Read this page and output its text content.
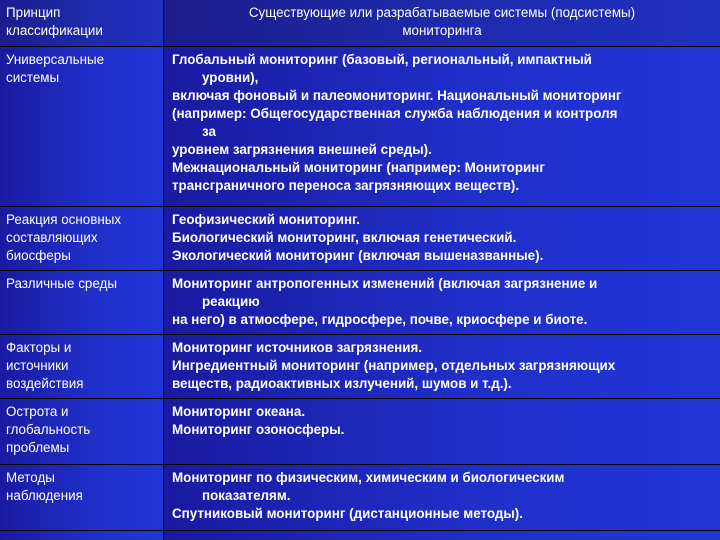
Принцип

классификации

Существующие или разрабатываемые системы (подсистемы)

мониторинга

Универсальные

системы

Глобальный мониторинг (базовый, региональный, импактный

уровни),

включая фоновый и палеомониторинг. Национальный мониторинг

(например: Общегосударственная служба наблюдения и контроля

за

уровнем загрязнения внешней среды).

Межнациональный мониторинг (например: Мониторинг

трансграничного переноса загрязняющих веществ).

Реакция основных

составляющих

биосферы

Геофизический мониторинг.

Биологический мониторинг, включая генетический.

Экологический мониторинг (включая вышеназванные).

Различные среды	Мониторинг антропогенных изменений (включая загрязнение и

реакцию

на него) в атмосфере, гидросфере, почве, криосфере и биоте.

Факторы и

источники

воздействия

Мониторинг источников загрязнения.

Ингредиентный мониторинг (например, отдельных загрязняющих

веществ, радиоактивных излучений, шумов и т.д.).

Острота и

глобальность

проблемы

Мониторинг океана.

Мониторинг озоносферы.

Методы

наблюдения

Мониторинг по физическим, химическим и биологическим

показателям.

Спутниковый мониторинг (дистанционные методы).
